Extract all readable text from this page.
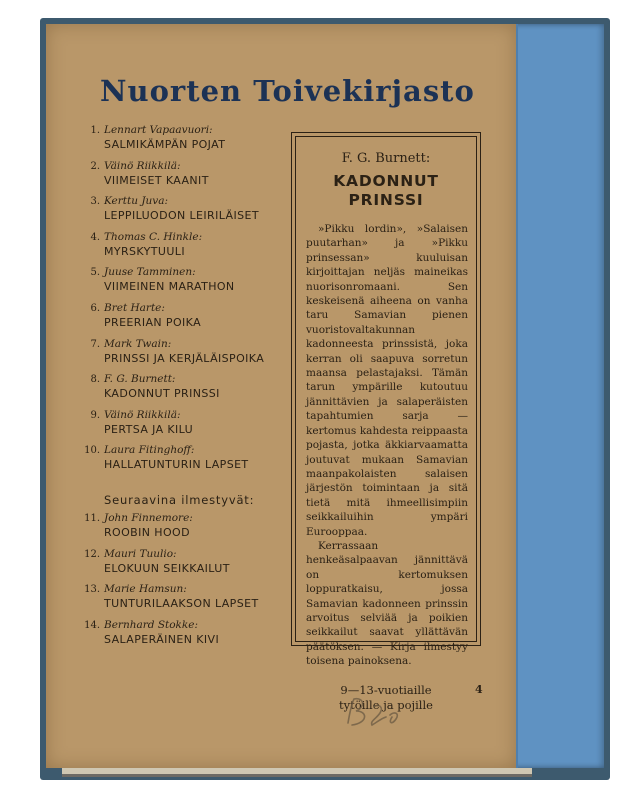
Nuorten Toivekirjasto
1. Lennart Vapaavuori:
SALMIKÄMPÄN POJAT
2. Väinö Riikkilä:
VIIMEISET KAANIT
3. Kerttu Juva:
LEPPILUODON LEIRILÄISET
4. Thomas C. Hinkle:
MYRSKYTUULI
5. Juuse Tamminen:
VIIMEINEN MARATHON
6. Bret Harte:
PREERIAN POIKA
7. Mark Twain:
PRINSSI JA KERJÄLÄISPOIKA
8. F. G. Burnett:
KADONNUT PRINSSI
9. Väinö Riikkilä:
PERTSA JA KILU
10. Laura Fitinghoff:
HALLATUNTURIN LAPSET

Seuraavina ilmestyvät:

11. John Finnemore:
ROOBIN HOOD
12. Mauri Tuulio:
ELOKUUN SEIKKAILUT
13. Marie Hamsun:
TUNTURILAAKSON LAPSET
14. Bernhard Stokke:
SALAPERÄINEN KIVI

F. G. Burnett:

KADONNUT
PRINSSI

»Pikku lordin», »Salaisen puutarhan» ja »Pikku prinsessan» kuuluisan kirjoittajan neljäs maineikas nuorisonromaani. Sen keskeisenä aiheena on vanha taru Samavian pienen vuoristovaltakunnan kadonneesta prinssistä, joka kerran oli saapuva sorretun maansa pelastajaksi. Tämän tarun ympärille kutoutuu jännittävien ja salaperäisten tapahtumien sarja — kertomus kahdesta reippaasta pojasta, jotka äkkiarvaamatta joutuvat mukaan Samavian maanpakolaisten salaisen järjestön toimintaan ja sitä tietä mitä ihmeellisimpiin seikkailuihin ympäri Eurooppaa.

Kerrassaan henkeäsalpaavan jännittävä on kertomuksen loppuratkaisu, jossa Samavian kadonneen prinssin arvoitus selviää ja poikien seikkailut saavat yllättävän päätöksen. — Kirja ilmestyy toisena painoksena.

9—13-vuotiaille
tytöille ja pojille

4
